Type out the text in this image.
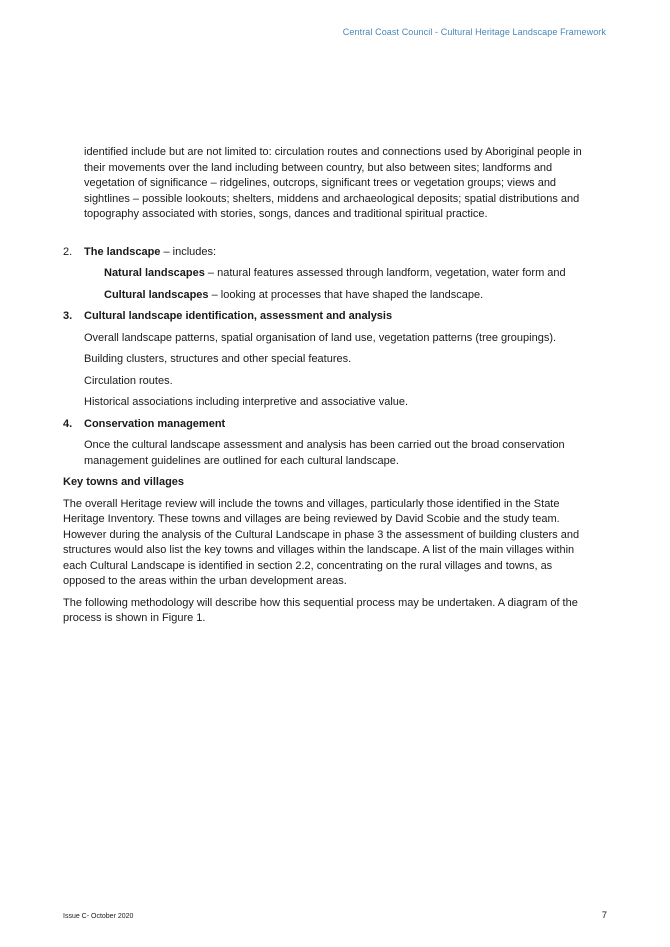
Central Coast Council - Cultural Heritage Landscape Framework

identified include but are not limited to: circulation routes and connections used by Aboriginal people in their movements over the land including between country, but also between sites; landforms and vegetation of significance – ridgelines, outcrops, significant trees or vegetation groups; views and sightlines – possible lookouts; shelters, middens and archaeological deposits; spatial distributions and topography associated with stories, songs, dances and traditional spiritual practice.

2.	The landscape – includes:

Natural landscapes – natural features assessed through landform, vegetation, water form and

Cultural landscapes – looking at processes that have shaped the landscape.

3.	Cultural landscape identification, assessment and analysis

Overall landscape patterns, spatial organisation of land use, vegetation patterns (tree groupings).

Building clusters, structures and other special features.

Circulation routes.

Historical associations including interpretive and associative value.

4.	Conservation management

Once the cultural landscape assessment and analysis has been carried out the broad conservation management guidelines are outlined for each cultural landscape.

Key towns and villages

The overall Heritage review will include the towns and villages, particularly those identified in the State Heritage Inventory. These towns and villages are being reviewed by David Scobie and the study team. However during the analysis of the Cultural Landscape in phase 3 the assessment of building clusters and structures would also list the key towns and villages within the landscape. A list of the main villages within each Cultural Landscape is identified in section 2.2, concentrating on the rural villages and towns, as opposed to the areas within the urban development areas.

The following methodology will describe how this sequential process may be undertaken. A diagram of the process is shown in Figure 1.

Issue C- October 2020	7
